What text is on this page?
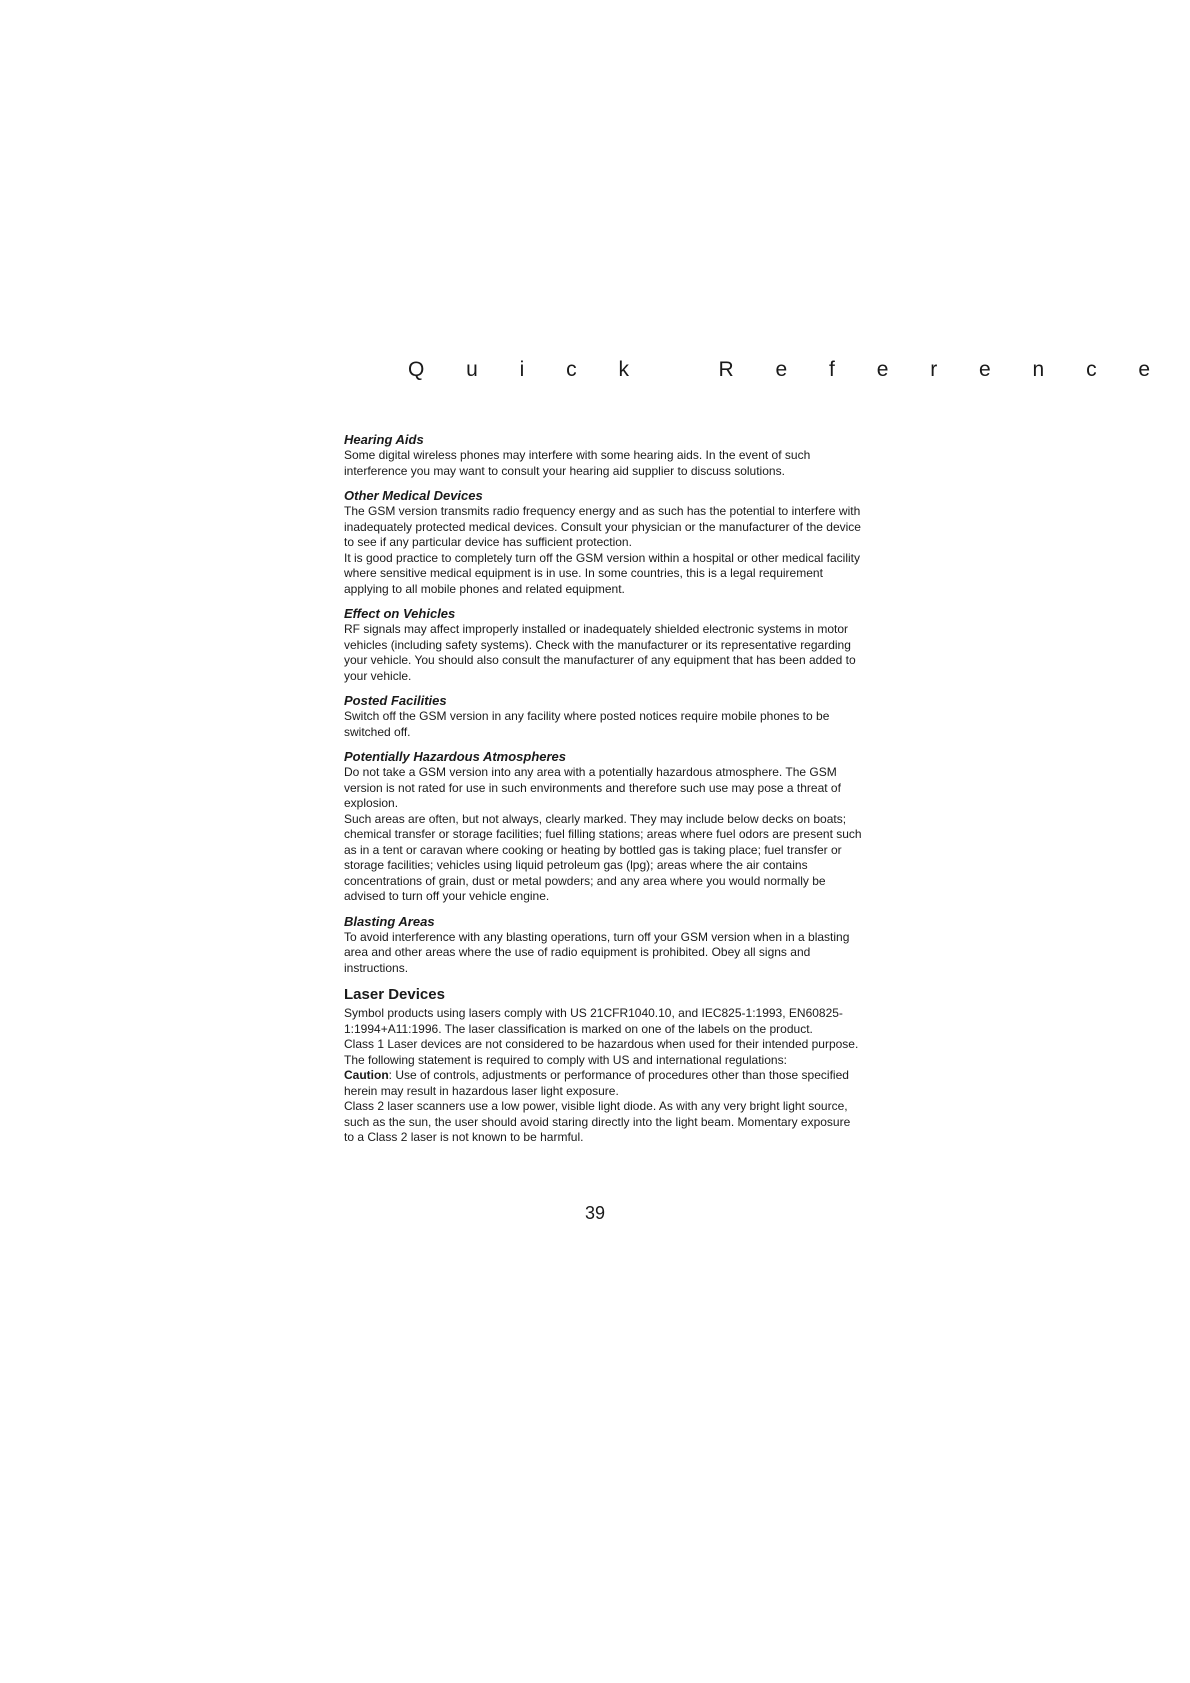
Q u i c k   R e f e r e n c e
Hearing Aids

Some digital wireless phones may interfere with some hearing aids. In the event of such interference you may want to consult your hearing aid supplier to discuss solutions.

Other Medical Devices

The GSM version transmits radio frequency energy and as such has the potential to interfere with inadequately protected medical devices. Consult your physician or the manufacturer of the device to see if any particular device has sufficient protection.

It is good practice to completely turn off the GSM version within a hospital or other medical facility where sensitive medical equipment is in use. In some countries, this is a legal requirement applying to all mobile phones and related equipment.

Effect on Vehicles

RF signals may affect improperly installed or inadequately shielded electronic systems in motor vehicles (including safety systems). Check with the manufacturer or its representative regarding your vehicle. You should also consult the manufacturer of any equipment that has been added to your vehicle.

Posted Facilities

Switch off the GSM version in any facility where posted notices require mobile phones to be switched off.

Potentially Hazardous Atmospheres

Do not take a GSM version into any area with a potentially hazardous atmosphere. The GSM version is not rated for use in such environments and therefore such use may pose a threat of explosion.

Such areas are often, but not always, clearly marked. They may include below decks on boats; chemical transfer or storage facilities; fuel filling stations; areas where fuel odors are present such as in a tent or caravan where cooking or heating by bottled gas is taking place; fuel transfer or storage facilities; vehicles using liquid petroleum gas (lpg); areas where the air contains concentrations of grain, dust or metal powders; and any area where you would normally be advised to turn off your vehicle engine.

Blasting Areas

To avoid interference with any blasting operations, turn off your GSM version when in a blasting area and other areas where the use of radio equipment is prohibited. Obey all signs and instructions.

Laser Devices

Symbol products using lasers comply with US 21CFR1040.10, and IEC825-1:1993, EN60825-1:1994+A11:1996. The laser classification is marked on one of the labels on the product.

Class 1 Laser devices are not considered to be hazardous when used for their intended purpose. The following statement is required to comply with US and international regulations:

Caution: Use of controls, adjustments or performance of procedures other than those specified herein may result in hazardous laser light exposure.

Class 2 laser scanners use a low power, visible light diode. As with any very bright light source, such as the sun, the user should avoid staring directly into the light beam. Momentary exposure to a Class 2 laser is not known to be harmful.

39
